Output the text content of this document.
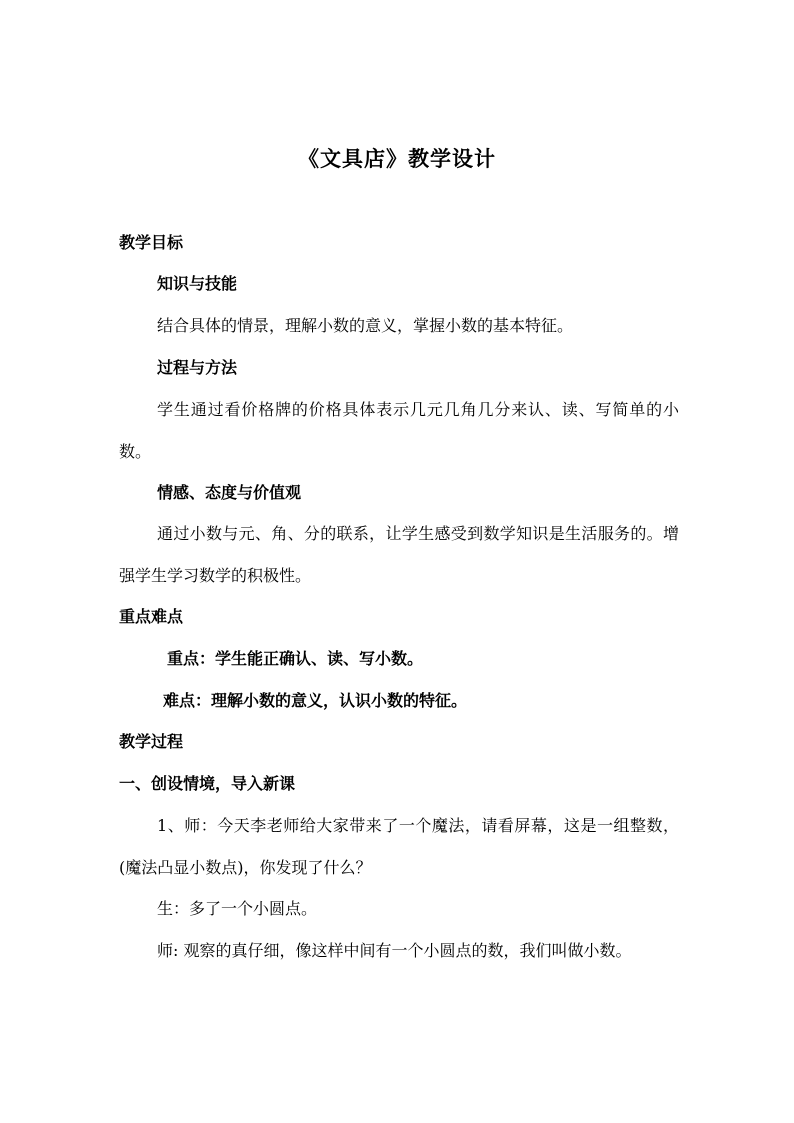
《文具店》教学设计
教学目标
知识与技能
结合具体的情景，理解小数的意义，掌握小数的基本特征。
过程与方法
学生通过看价格牌的价格具体表示几元几角几分来认、读、写简单的小数。
情感、态度与价值观
通过小数与元、角、分的联系，让学生感受到数学知识是生活服务的。增强学生学习数学的积极性。
重点难点
重点：学生能正确认、读、写小数。
难点：理解小数的意义，认识小数的特征。
教学过程
一、创设情境，导入新课
1、师：今天李老师给大家带来了一个魔法，请看屏幕，这是一组整数，(魔法凸显小数点)，你发现了什么？
生：多了一个小圆点。
师: 观察的真仔细，像这样中间有一个小圆点的数，我们叫做小数。
